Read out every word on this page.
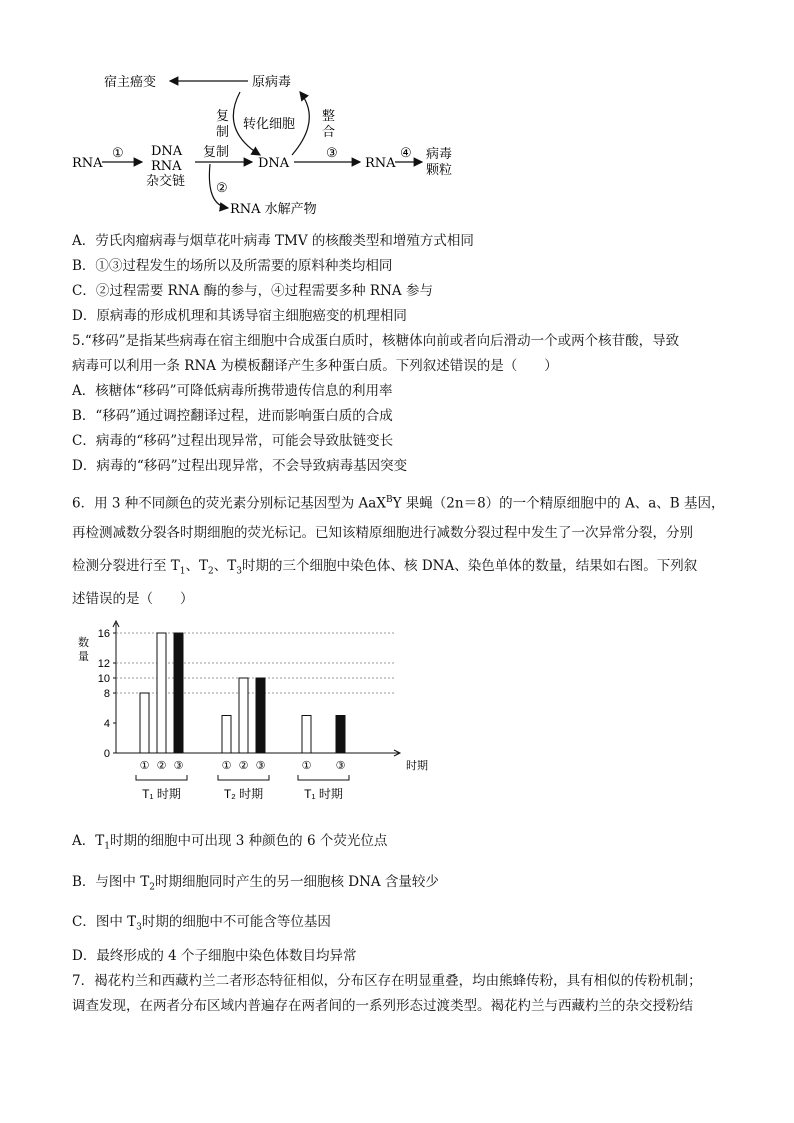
宿主癌变	原病毒
转化细胞
复
制
整
合
RNA
① DNA
RNA
杂交链
复制
DNA
③
RNA
④ 病毒
颗粒
②
RNA 水解产物
A．劳氏肉瘤病毒与烟草花叶病毒 TMV 的核酸类型和增殖方式相同
B．①③过程发生的场所以及所需要的原料种类均相同
C．②过程需要 RNA 酶的参与，④过程需要多种 RNA 参与
D．原病毒的形成机理和其诱导宿主细胞癌变的机理相同
5.“移码”是指某些病毒在宿主细胞中合成蛋白质时，核糖体向前或者向后滑动一个或两个核苷酸，导致
病毒可以利用一条 RNA 为模板翻译产生多种蛋白质。下列叙述错误的是（　　）
A．核糖体“移码”可降低病毒所携带遗传信息的利用率
B．“移码”通过调控翻译过程，进而影响蛋白质的合成
C．病毒的“移码”过程出现异常，可能会导致肽链变长
D．病毒的“移码”过程出现异常，不会导致病毒基因突变
6．用 3 种不同颜色的荧光素分别标记基因型为 AaX$^B$Y 果蝇（2n＝8）的一个精原细胞中的 A、a、B 基因，
再检测减数分裂各时期细胞的荧光标记。已知该精原细胞进行减数分裂过程中发生了一次异常分裂，分别
检测分裂进行至 $T_1$、$T_2$、$T_3$时期的三个细胞中染色体、核 DNA、染色单体的数量，结果如右图。下列叙
述错误的是（　　）
数
量
0
4
8
10
12
16
① ② ③
T₁ 时期
① ② ③
T₂ 时期
① ③
T₁ 时期
时期
A．$T_1$时期的细胞中可出现 3 种颜色的 6 个荧光位点
B．与图中 $T_2$时期细胞同时产生的另一细胞核 DNA 含量较少
C．图中 $T_3$时期的细胞中不可能含等位基因
D．最终形成的 4 个子细胞中染色体数目均异常
7．褐花杓兰和西藏杓兰二者形态特征相似，分布区存在明显重叠，均由熊蜂传粉，具有相似的传粉机制；
调查发现，在两者分布区域内普遍存在两者间的一系列形态过渡类型。褐花杓兰与西藏杓兰的杂交授粉结
